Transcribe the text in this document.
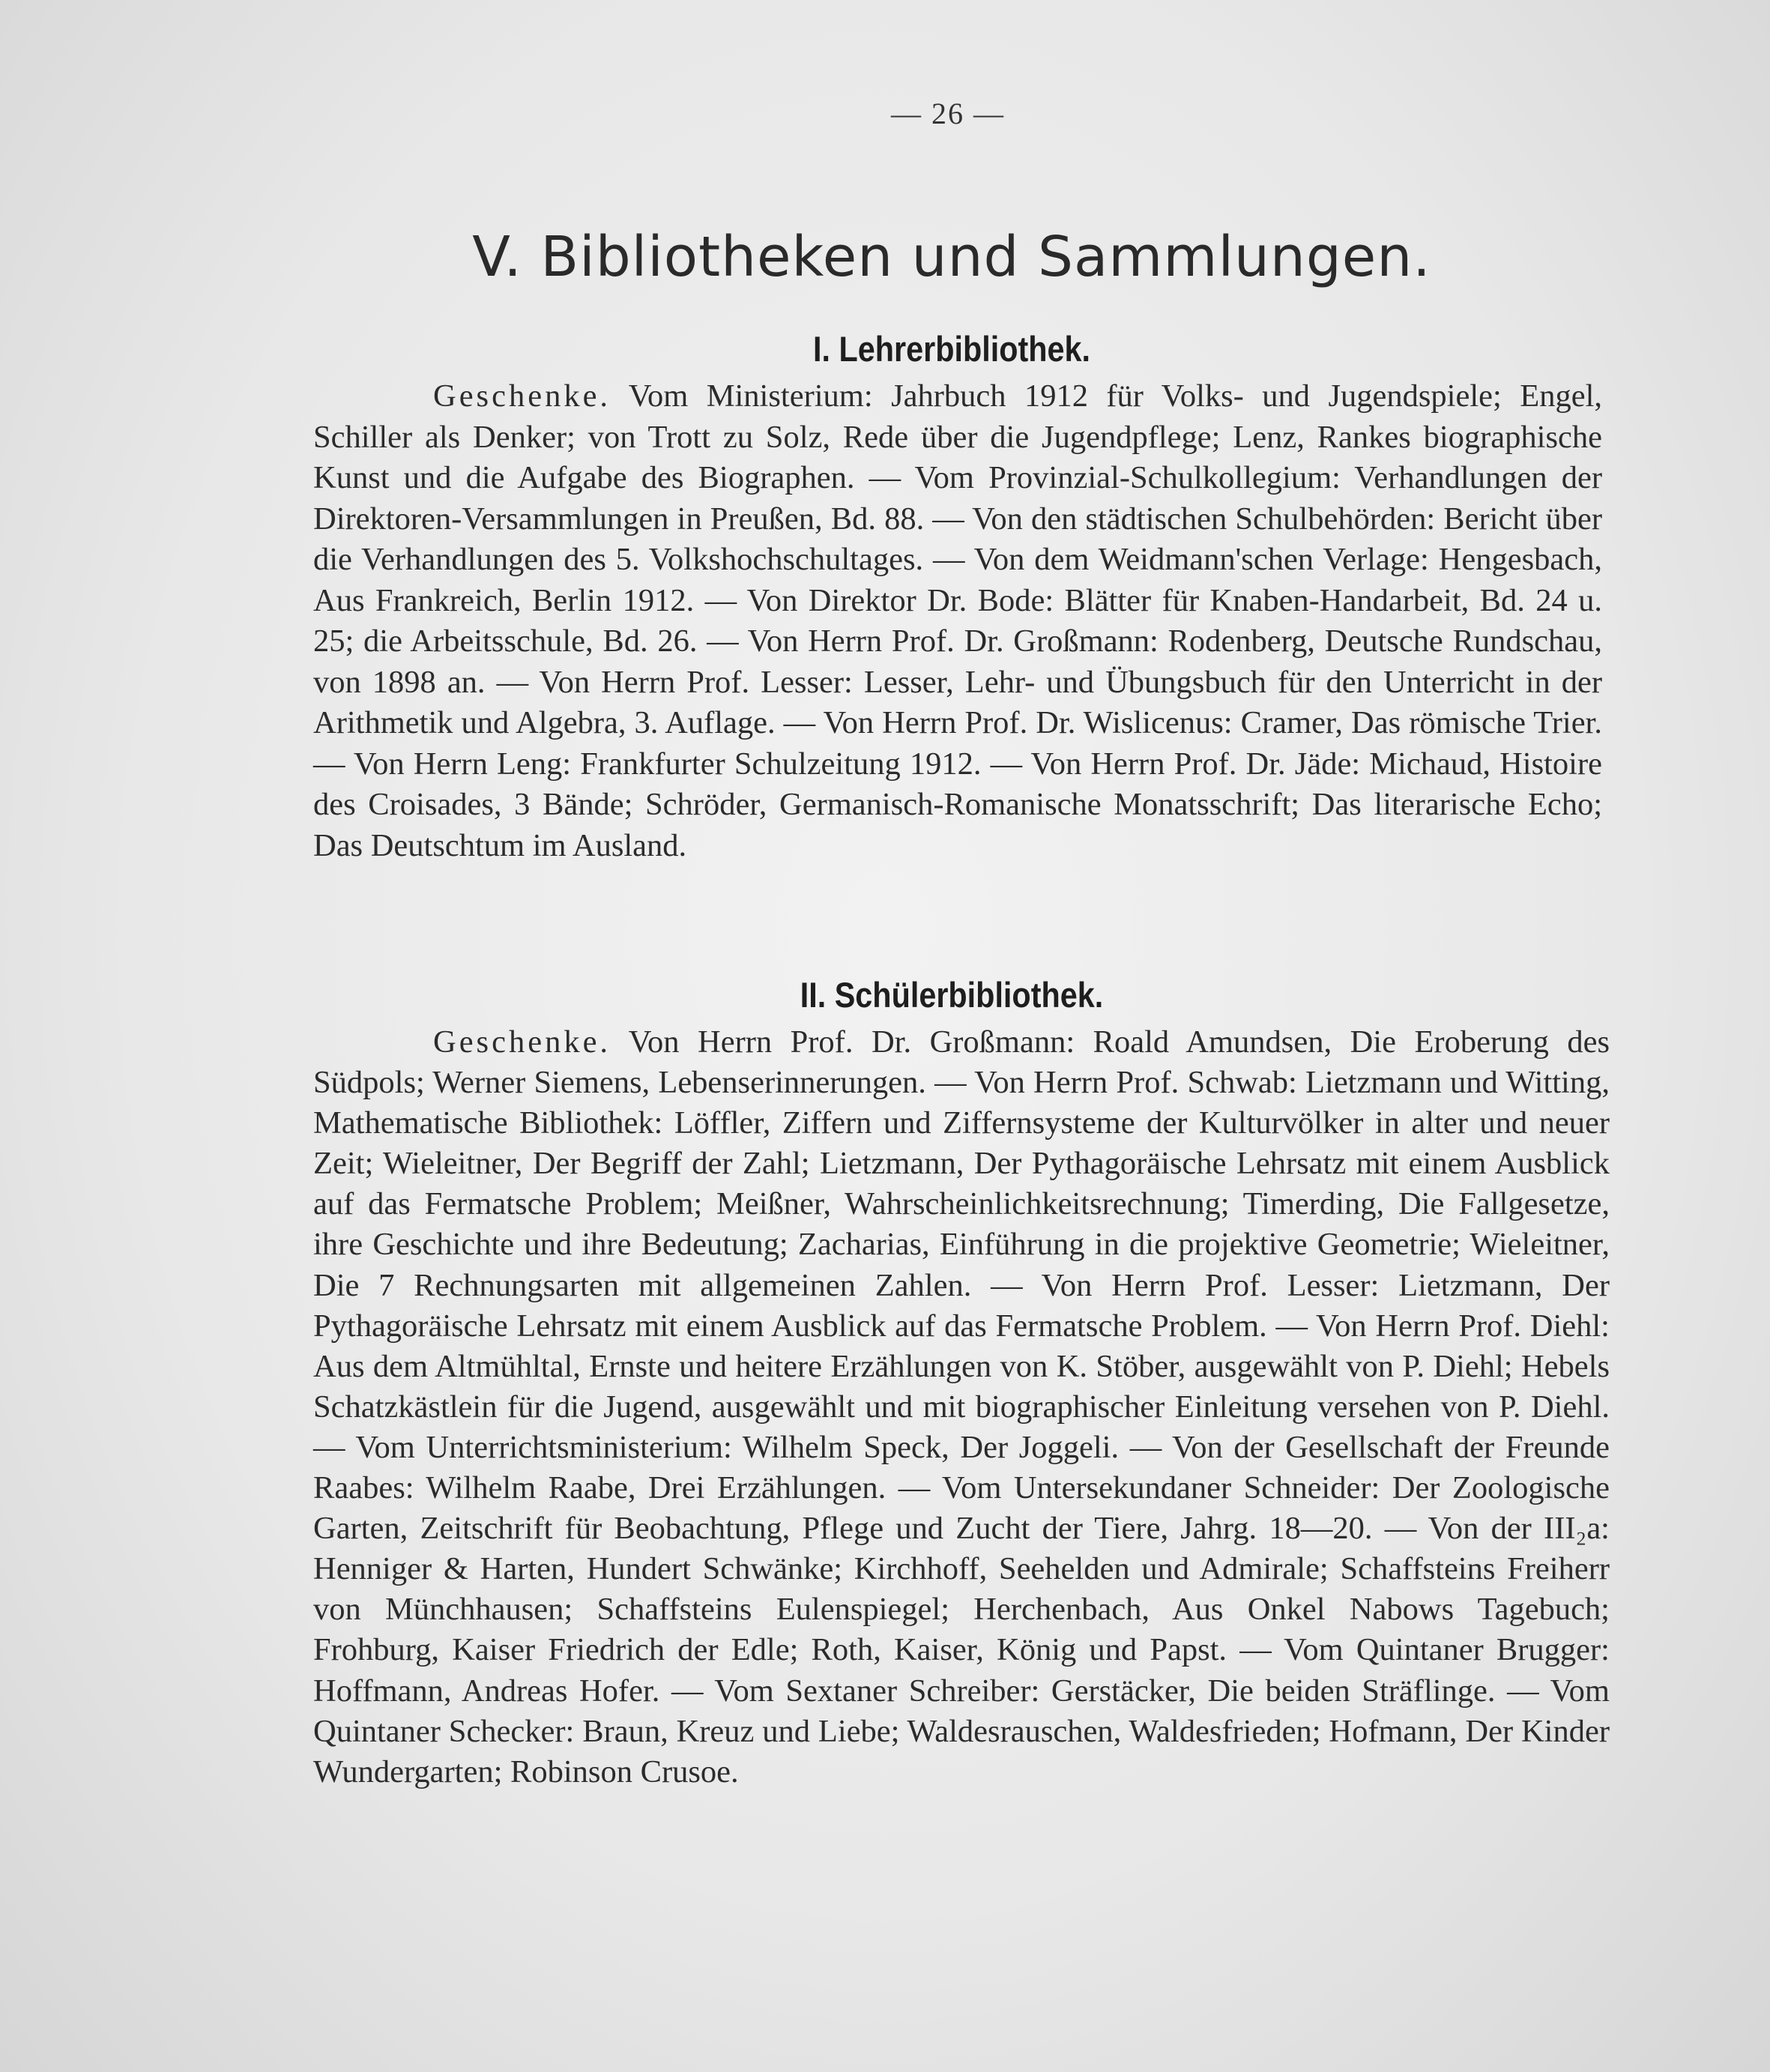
— 26 —
V. Bibliotheken und Sammlungen.
I. Lehrerbibliothek.

Geschenke. Vom Ministerium: Jahrbuch 1912 für Volks- und Jugendspiele; Engel, Schiller als Denker; von Trott zu Solz, Rede über die Jugendpflege; Lenz, Rankes biographische Kunst und die Aufgabe des Biographen. — Vom Provinzial-Schulkollegium: Verhandlungen der Direktoren-Versammlungen in Preußen, Bd. 88. — Von den städtischen Schulbehörden: Bericht über die Verhandlungen des 5. Volkshochschultages. — Von dem Weidmann'schen Verlage: Hengesbach, Aus Frankreich, Berlin 1912. — Von Direktor Dr. Bode: Blätter für Knaben-Handarbeit, Bd. 24 u. 25; die Arbeitsschule, Bd. 26. — Von Herrn Prof. Dr. Großmann: Rodenberg, Deutsche Rundschau, von 1898 an. — Von Herrn Prof. Lesser: Lesser, Lehr- und Übungsbuch für den Unterricht in der Arithmetik und Algebra, 3. Auflage. — Von Herrn Prof. Dr. Wislicenus: Cramer, Das römische Trier. — Von Herrn Leng: Frankfurter Schulzeitung 1912. — Von Herrn Prof. Dr. Jäde: Michaud, Histoire des Croisades, 3 Bände; Schröder, Germanisch-Romanische Monatsschrift; Das literarische Echo; Das Deutschtum im Ausland.

II. Schülerbibliothek.

Geschenke. Von Herrn Prof. Dr. Großmann: Roald Amundsen, Die Eroberung des Südpols; Werner Siemens, Lebenserinnerungen. — Von Herrn Prof. Schwab: Lietzmann und Witting, Mathematische Bibliothek: Löffler, Ziffern und Ziffernsysteme der Kulturvölker in alter und neuer Zeit; Wieleitner, Der Begriff der Zahl; Lietzmann, Der Pythagoräische Lehrsatz mit einem Ausblick auf das Fermatsche Problem; Meißner, Wahrscheinlichkeitsrechnung; Timerding, Die Fallgesetze, ihre Geschichte und ihre Bedeutung; Zacharias, Einführung in die projektive Geometrie; Wieleitner, Die 7 Rechnungsarten mit allgemeinen Zahlen. — Von Herrn Prof. Lesser: Lietzmann, Der Pythagoräische Lehrsatz mit einem Ausblick auf das Fermatsche Problem. — Von Herrn Prof. Diehl: Aus dem Altmühltal, Ernste und heitere Erzählungen von K. Stöber, ausgewählt von P. Diehl; Hebels Schatzkästlein für die Jugend, ausgewählt und mit biographischer Einleitung versehen von P. Diehl. — Vom Unterrichtsministerium: Wilhelm Speck, Der Joggeli. — Von der Gesellschaft der Freunde Raabes: Wilhelm Raabe, Drei Erzählungen. — Vom Untersekundaner Schneider: Der Zoologische Garten, Zeitschrift für Beobachtung, Pflege und Zucht der Tiere, Jahrg. 18—20. — Von der III₂a: Henniger & Harten, Hundert Schwänke; Kirchhoff, Seehelden und Admirale; Schaffsteins Freiherr von Münchhausen; Schaffsteins Eulenspiegel; Herchenbach, Aus Onkel Nabows Tagebuch; Frohburg, Kaiser Friedrich der Edle; Roth, Kaiser, König und Papst. — Vom Quintaner Brugger: Hoffmann, Andreas Hofer. — Vom Sextaner Schreiber: Gerstäcker, Die beiden Sträflinge. — Vom Quintaner Schecker: Braun, Kreuz und Liebe; Waldesrauschen, Waldesfrieden; Hofmann, Der Kinder Wundergarten; Robinson Crusoe.
